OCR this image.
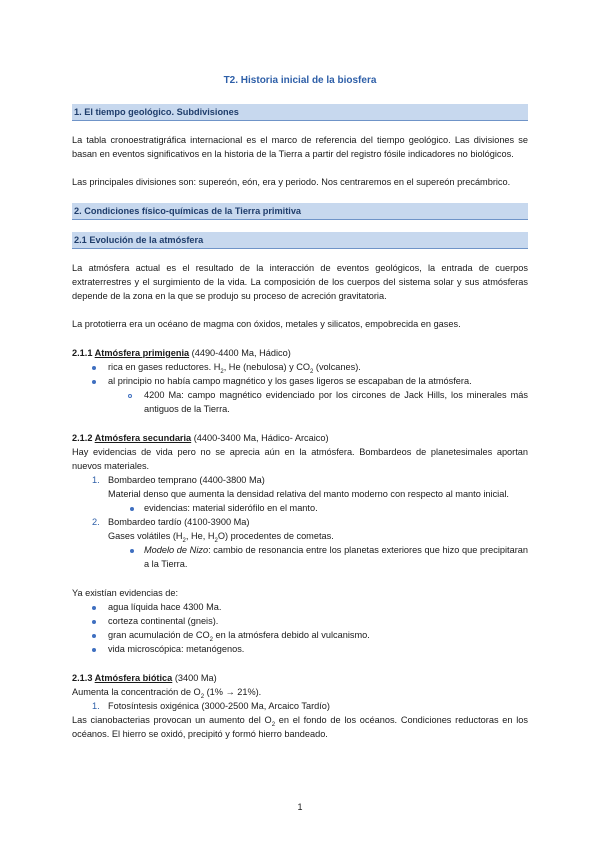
T2. Historia inicial de la biosfera
1. El tiempo geológico. Subdivisiones
La tabla cronoestratigráfica internacional es el marco de referencia del tiempo geológico. Las divisiones se basan en eventos significativos en la historia de la Tierra a partir del registro fósile indicadores no biológicos.
Las principales divisiones son: supereón, eón, era y periodo. Nos centraremos en el supereón precámbrico.
2. Condiciones físico-químicas de la Tierra primitiva
2.1 Evolución de la atmósfera
La atmósfera actual es el resultado de la interacción de eventos geológicos, la entrada de cuerpos extraterrestres y el surgimiento de la vida. La composición de los cuerpos del sistema solar y sus atmósferas depende de la zona en la que se produjo su proceso de acreción gravitatoria.
La prototierra era un océano de magma con óxidos, metales y silicatos, empobrecida en gases.
2.1.1 Atmósfera primigenia (4490-4400 Ma, Hádico)
rica en gases reductores. $H_2$, He (nebulosa) y $CO_2$ (volcanes).
al principio no había campo magnético y los gases ligeros se escapaban de la atmósfera.
4200 Ma: campo magnético evidenciado por los circones de Jack Hills, los minerales más antiguos de la Tierra.
2.1.2 Atmósfera secundaria (4400-3400 Ma, Hádico- Arcaico)
Hay evidencias de vida pero no se aprecia aún en la atmósfera. Bombardeos de planetesimales aportan nuevos materiales.
1. Bombardeo temprano (4400-3800 Ma)
Material denso que aumenta la densidad relativa del manto moderno con respecto al manto inicial.
evidencias: material siderófilo en el manto.
2. Bombardeo tardío (4100-3900 Ma)
Gases volátiles ($H_2$, He, $H_2O$) procedentes de cometas.
Modelo de Nizo: cambio de resonancia entre los planetas exteriores que hizo que precipitaran a la Tierra.
Ya existían evidencias de:
agua líquida hace 4300 Ma.
corteza continental (gneis).
gran acumulación de $CO_2$ en la atmósfera debido al vulcanismo.
vida microscópica: metanógenos.
2.1.3 Atmósfera biótica (3400 Ma)
Aumenta la concentración de $O_2$ (1% → 21%).
1. Fotosíntesis oxigénica (3000-2500 Ma, Arcaico Tardío)
Las cianobacterias provocan un aumento del $O_2$ en el fondo de los océanos. Condiciones reductoras en los océanos. El hierro se oxidó, precipitó y formó hierro bandeado.
1
